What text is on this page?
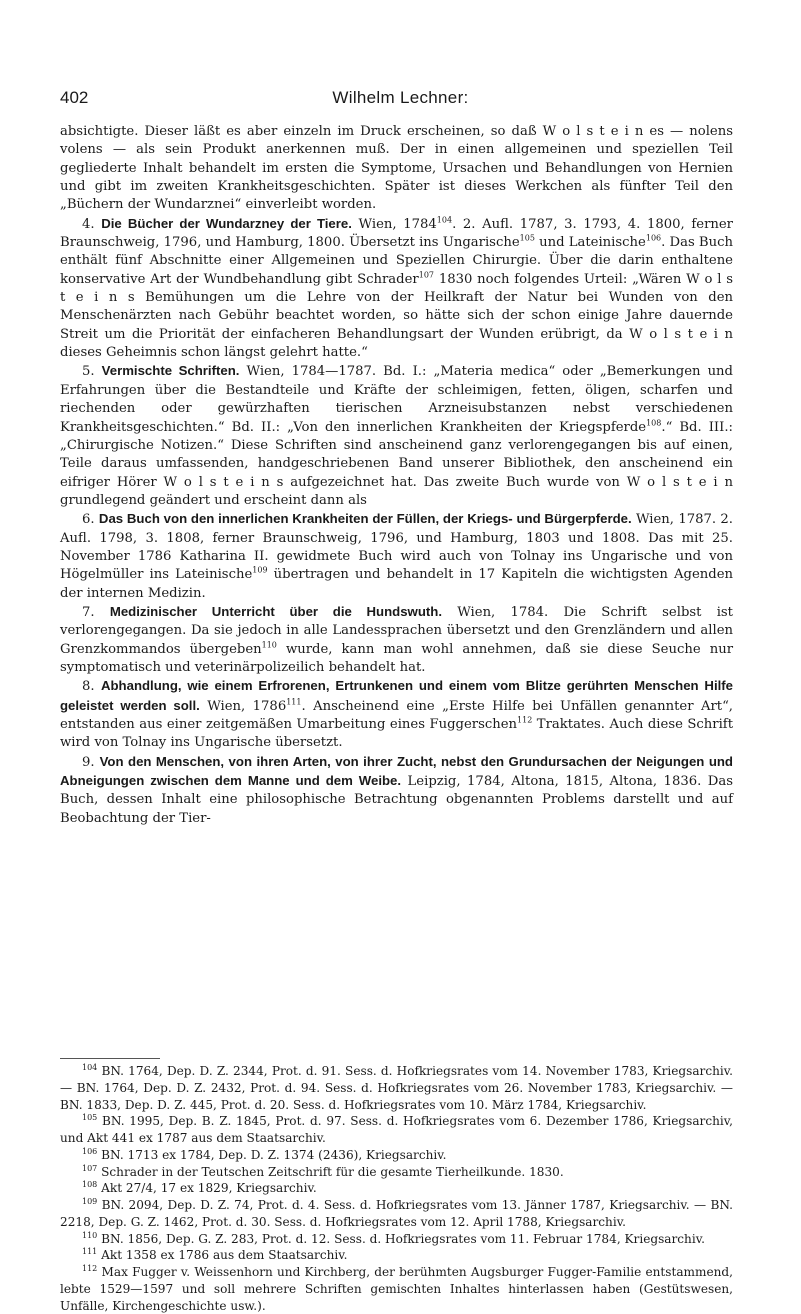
402	Wilhelm Lechner:

absichtigte. Dieser läßt es aber einzeln im Druck erscheinen, so daß W o l s t e i n es — nolens volens — als sein Produkt anerkennen muß. Der in einen allgemeinen und speziellen Teil gegliederte Inhalt behandelt im ersten die Symptome, Ursachen und Behandlungen von Hernien und gibt im zweiten Krankheitsgeschichten. Später ist dieses Werkchen als fünfter Teil den „Büchern der Wundarznei“ einverleibt worden.

4. Die Bücher der Wundarzney der Tiere. Wien, 1784$^{104}$. 2. Aufl. 1787, 3. 1793, 4. 1800, ferner Braunschweig, 1796, und Hamburg, 1800. Übersetzt ins Ungarische$^{105}$ und Lateinische$^{106}$. Das Buch enthält fünf Abschnitte einer Allgemeinen und Speziellen Chirurgie. Über die darin enthaltene konservative Art der Wundbehandlung gibt Schrader$^{107}$ 1830 noch folgendes Urteil: „Wären W o l s t e i n s Bemühungen um die Lehre von der Heilkraft der Natur bei Wunden von den Menschenärzten nach Gebühr beachtet worden, so hätte sich der schon einige Jahre dauernde Streit um die Priorität der einfacheren Behandlungsart der Wunden erübrigt, da W o l s t e i n dieses Geheimnis schon längst gelehrt hatte.“

5. Vermischte Schriften. Wien, 1784—1787. Bd. I.: „Materia medica“ oder „Bemerkungen und Erfahrungen über die Bestandteile und Kräfte der schleimigen, fetten, öligen, scharfen und riechenden oder gewürzhaften tierischen Arzneisubstanzen nebst verschiedenen Krankheitsgeschichten.“ Bd. II.: „Von den innerlichen Krankheiten der Kriegspferde$^{108}$.“ Bd. III.: „Chirurgische Notizen.“ Diese Schriften sind anscheinend ganz verlorengegangen bis auf einen, Teile daraus umfassenden, handgeschriebenen Band unserer Bibliothek, den anscheinend ein eifriger Hörer W o l s t e i n s aufgezeichnet hat. Das zweite Buch wurde von W o l s t e i n grundlegend geändert und erscheint dann als

6. Das Buch von den innerlichen Krankheiten der Füllen, der Kriegs- und Bürgerpferde. Wien, 1787. 2. Aufl. 1798, 3. 1808, ferner Braunschweig, 1796, und Hamburg, 1803 und 1808. Das mit 25. November 1786 Katharina II. gewidmete Buch wird auch von Tolnay ins Ungarische und von Högelmüller ins Lateinische$^{109}$ übertragen und behandelt in 17 Kapiteln die wichtigsten Agenden der internen Medizin.

7. Medizinischer Unterricht über die Hundswuth. Wien, 1784. Die Schrift selbst ist verlorengegangen. Da sie jedoch in alle Landessprachen übersetzt und den Grenzländern und allen Grenzkommandos übergeben$^{110}$ wurde, kann man wohl annehmen, daß sie diese Seuche nur symptomatisch und veterinärpolizeilich behandelt hat.

8. Abhandlung, wie einem Erfrorenen, Ertrunkenen und einem vom Blitze gerührten Menschen Hilfe geleistet werden soll. Wien, 1786$^{111}$. Anscheinend eine „Erste Hilfe bei Unfällen genannter Art“, entstanden aus einer zeitgemäßen Umarbeitung eines Fuggerschen$^{112}$ Traktates. Auch diese Schrift wird von Tolnay ins Ungarische übersetzt.

9. Von den Menschen, von ihren Arten, von ihrer Zucht, nebst den Grundursachen der Neigungen und Abneigungen zwischen dem Manne und dem Weibe. Leipzig, 1784, Altona, 1815, Altona, 1836. Das Buch, dessen Inhalt eine philosophische Betrachtung obgenannten Problems darstellt und auf Beobachtung der Tier-

$^{104}$ BN. 1764, Dep. D. Z. 2344, Prot. d. 91. Sess. d. Hofkriegsrates vom 14. November 1783, Kriegsarchiv. — BN. 1764, Dep. D. Z. 2432, Prot. d. 94. Sess. d. Hofkriegsrates vom 26. November 1783, Kriegsarchiv. — BN. 1833, Dep. D. Z. 445, Prot. d. 20. Sess. d. Hofkriegsrates vom 10. März 1784, Kriegsarchiv.

$^{105}$ BN. 1995, Dep. B. Z. 1845, Prot. d. 97. Sess. d. Hofkriegsrates vom 6. Dezember 1786, Kriegsarchiv, und Akt 441 ex 1787 aus dem Staatsarchiv.

$^{106}$ BN. 1713 ex 1784, Dep. D. Z. 1374 (2436), Kriegsarchiv.

$^{107}$ Schrader in der Teutschen Zeitschrift für die gesamte Tierheilkunde. 1830.

$^{108}$ Akt 27/4, 17 ex 1829, Kriegsarchiv.

$^{109}$ BN. 2094, Dep. D. Z. 74, Prot. d. 4. Sess. d. Hofkriegsrates vom 13. Jänner 1787, Kriegsarchiv. — BN. 2218, Dep. G. Z. 1462, Prot. d. 30. Sess. d. Hofkriegsrates vom 12. April 1788, Kriegsarchiv.

$^{110}$ BN. 1856, Dep. G. Z. 283, Prot. d. 12. Sess. d. Hofkriegsrates vom 11. Februar 1784, Kriegsarchiv.

$^{111}$ Akt 1358 ex 1786 aus dem Staatsarchiv.

$^{112}$ Max Fugger v. Weissenhorn und Kirchberg, der berühmten Augsburger Fugger-Familie entstammend, lebte 1529—1597 und soll mehrere Schriften gemischten Inhaltes hinterlassen haben (Gestütswesen, Unfälle, Kirchengeschichte usw.).
